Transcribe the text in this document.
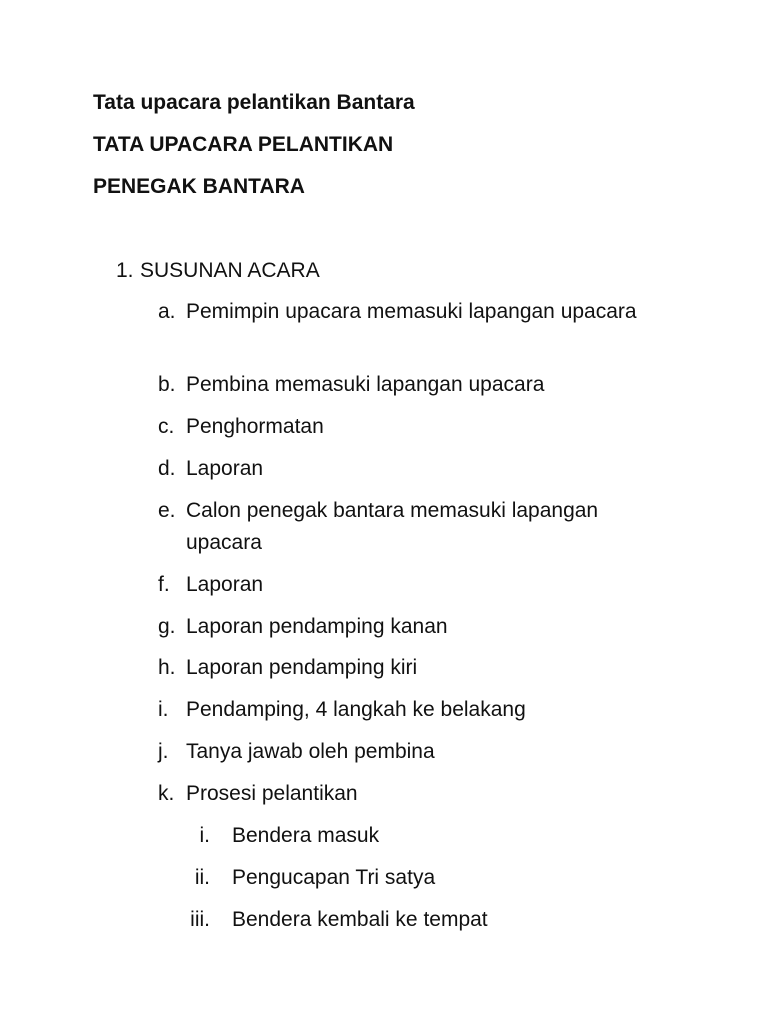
Tata upacara pelantikan Bantara
TATA UPACARA PELANTIKAN
PENEGAK BANTARA
1. SUSUNAN ACARA
a. Pemimpin upacara memasuki lapangan upacara
b. Pembina memasuki lapangan upacara
c. Penghormatan
d. Laporan
e. Calon penegak bantara memasuki lapangan upacara
f. Laporan
g. Laporan pendamping kanan
h. Laporan pendamping kiri
i. Pendamping, 4 langkah ke belakang
j. Tanya jawab oleh pembina
k. Prosesi pelantikan
i. Bendera masuk
ii. Pengucapan Tri satya
iii. Bendera kembali ke tempat
